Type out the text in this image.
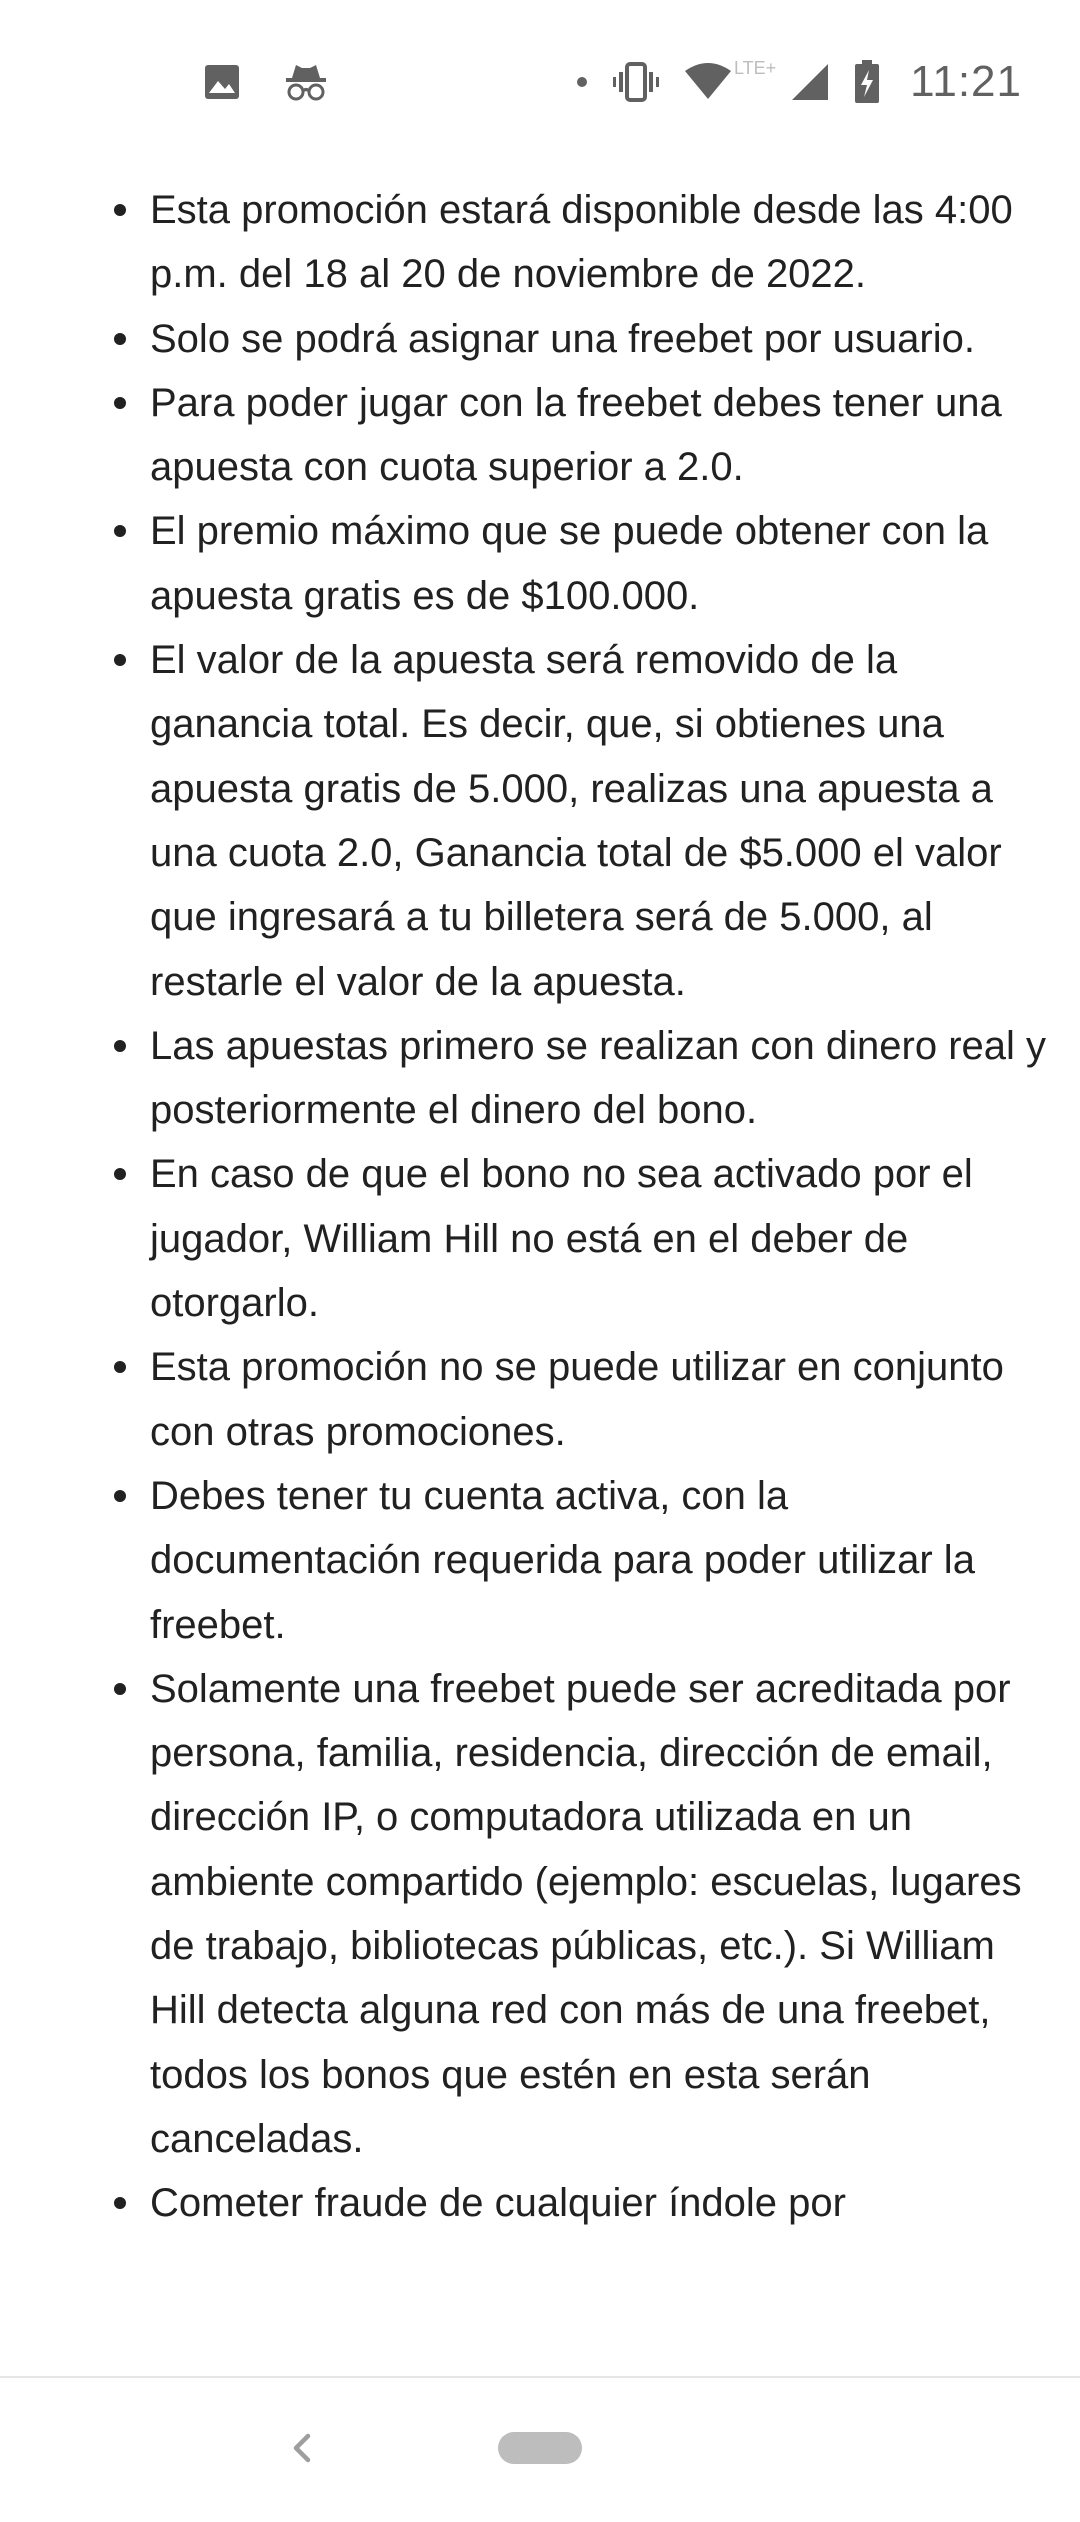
LTE+	11:21
Esta promoción estará disponible desde las 4:00 p.m. del 18 al 20 de noviembre de 2022.
Solo se podrá asignar una freebet por usuario.
Para poder jugar con la freebet debes tener una apuesta con cuota superior a 2.0.
El premio máximo que se puede obtener con la apuesta gratis es de $100.000.
El valor de la apuesta será removido de la ganancia total. Es decir, que, si obtienes una apuesta gratis de 5.000, realizas una apuesta a una cuota 2.0, Ganancia total de $5.000 el valor que ingresará a tu billetera será de 5.000, al restarle el valor de la apuesta.
Las apuestas primero se realizan con dinero real y posteriormente el dinero del bono.
En caso de que el bono no sea activado por el jugador, William Hill no está en el deber de otorgarlo.
Esta promoción no se puede utilizar en conjunto con otras promociones.
Debes tener tu cuenta activa, con la documentación requerida para poder utilizar la freebet.
Solamente una freebet puede ser acreditada por persona, familia, residencia, dirección de email, dirección IP, o computadora utilizada en un ambiente compartido (ejemplo: escuelas, lugares de trabajo, bibliotecas públicas, etc.). Si William Hill detecta alguna red con más de una freebet, todos los bonos que estén en esta serán canceladas.
Cometer fraude de cualquier índole por
